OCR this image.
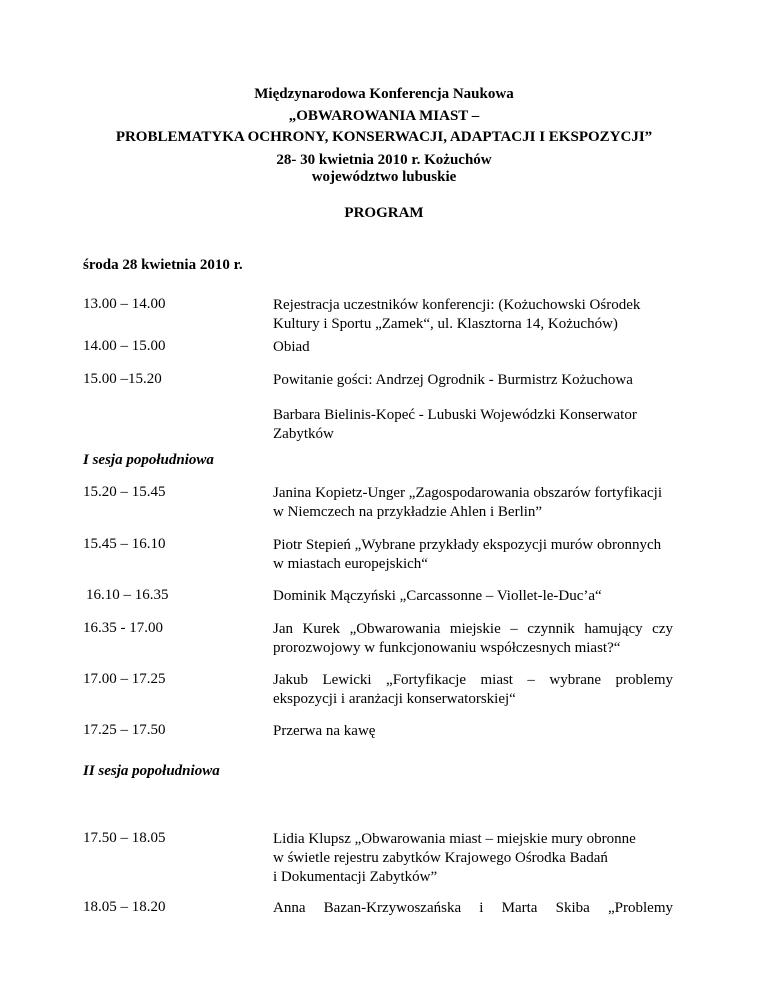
Międzynarodowa Konferencja Naukowa
„OBWAROWANIA MIAST –
PROBLEMATYKA OCHRONY, KONSERWACJI, ADAPTACJI I EKSPOZYCJI”
28- 30 kwietnia 2010 r. Kożuchów
województwo lubuskie
PROGRAM
środa 28 kwietnia 2010 r.
13.00 – 14.00	Rejestracja uczestników konferencji: (Kożuchowski Ośrodek
Kultury i Sportu „Zamek“, ul. Klasztorna 14, Kożuchów)
14.00 – 15.00	Obiad
15.00 –15.20	Powitanie gości: Andrzej Ogrodnik - Burmistrz Kożuchowa
Barbara Bielinis-Kopeć - Lubuski Wojewódzki Konserwator
Zabytków
I sesja popołudniowa
15.20 – 15.45	Janina Kopietz-Unger „Zagospodarowania obszarów fortyfikacji
w Niemczech na przykładzie Ahlen i Berlin”
15.45 – 16.10	Piotr Stepień „Wybrane przykłady ekspozycji murów obronnych
w miastach europejskich“
16.10 – 16.35	Dominik Mączyński „Carcassonne – Viollet-le-Duc’a“
16.35 - 17.00	Jan Kurek „Obwarowania miejskie – czynnik hamujący czy
prorozwojowy w funkcjonowaniu współczesnych miast?“
17.00 – 17.25	Jakub Lewicki „Fortyfikacje miast – wybrane problemy
ekspozycji i aranżacji konserwatorskiej“
17.25 – 17.50	Przerwa na kawę
II sesja popołudniowa
17.50 – 18.05	Lidia Klupsz „Obwarowania miast – miejskie mury obronne
w świetle rejestru zabytków Krajowego Ośrodka Badań
i Dokumentacji Zabytków”
18.05 – 18.20	Anna Bazan-Krzywoszańska i Marta Skiba „Problemy
